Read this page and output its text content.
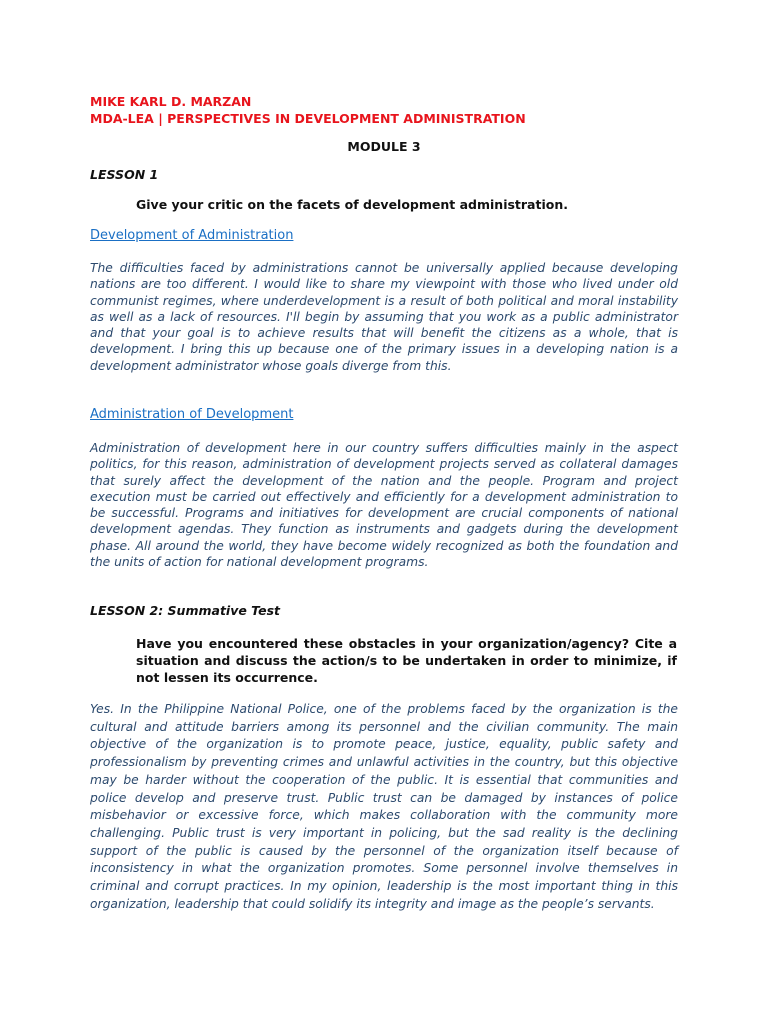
MIKE KARL D. MARZAN
MDA-LEA | PERSPECTIVES IN DEVELOPMENT ADMINISTRATION
MODULE 3
LESSON 1
Give your critic on the facets of development administration.
Development of Administration
The difficulties faced by administrations cannot be universally applied because developing nations are too different. I would like to share my viewpoint with those who lived under old communist regimes, where underdevelopment is a result of both political and moral instability as well as a lack of resources. I'll begin by assuming that you work as a public administrator and that your goal is to achieve results that will benefit the citizens as a whole, that is development. I bring this up because one of the primary issues in a developing nation is a development administrator whose goals diverge from this.
Administration of Development
Administration of development here in our country suffers difficulties mainly in the aspect politics, for this reason, administration of development projects served as collateral damages that surely affect the development of the nation and the people. Program and project execution must be carried out effectively and efficiently for a development administration to be successful. Programs and initiatives for development are crucial components of national development agendas. They function as instruments and gadgets during the development phase. All around the world, they have become widely recognized as both the foundation and the units of action for national development programs.
LESSON 2: Summative Test
Have you encountered these obstacles in your organization/agency? Cite a situation and discuss the action/s to be undertaken in order to minimize, if not lessen its occurrence.
Yes. In the Philippine National Police, one of the problems faced by the organization is the cultural and attitude barriers among its personnel and the civilian community. The main objective of the organization is to promote peace, justice, equality, public safety and professionalism by preventing crimes and unlawful activities in the country, but this objective may be harder without the cooperation of the public. It is essential that communities and police develop and preserve trust. Public trust can be damaged by instances of police misbehavior or excessive force, which makes collaboration with the community more challenging. Public trust is very important in policing, but the sad reality is the declining support of the public is caused by the personnel of the organization itself because of inconsistency in what the organization promotes. Some personnel involve themselves in criminal and corrupt practices. In my opinion, leadership is the most important thing in this organization, leadership that could solidify its integrity and image as the people’s servants.
